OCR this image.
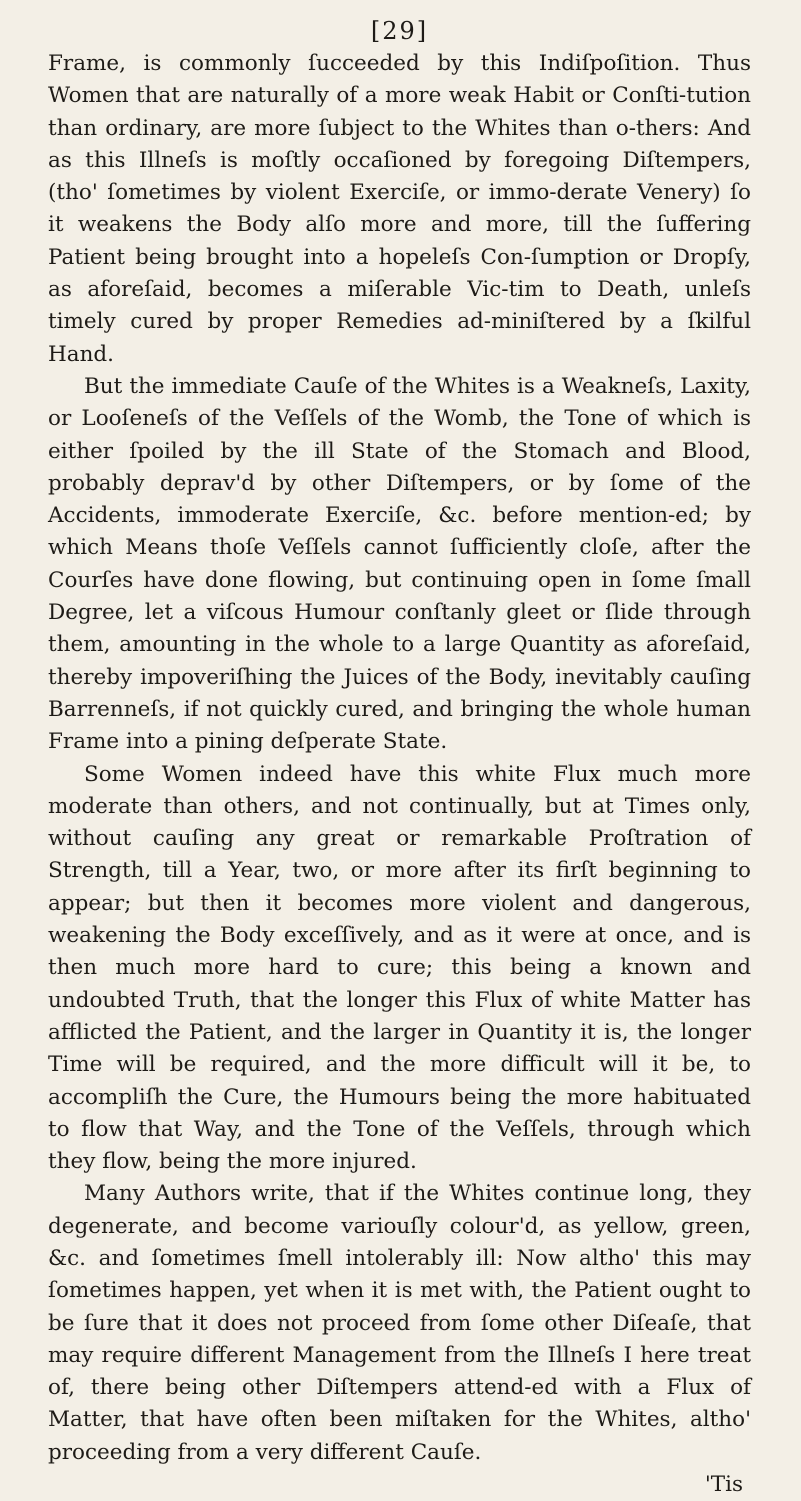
[29]

Frame, is commonly ſucceeded by this Indiſpoſition. Thus Women that are naturally of a more weak Habit or Conſti-tution than ordinary, are more ſubject to the Whites than o-thers: And as this Illneſs is moſtly occaſioned by foregoing Diſtempers, (tho' ſometimes by violent Exerciſe, or immo-derate Venery) ſo it weakens the Body alſo more and more, till the ſuffering Patient being brought into a hopeleſs Con-ſumption or Dropſy, as aforeſaid, becomes a miſerable Vic-tim to Death, unleſs timely cured by proper Remedies ad-miniſtered by a ſkilful Hand.

But the immediate Cauſe of the Whites is a Weakneſs, Laxity, or Looſeneſs of the Veſſels of the Womb, the Tone of which is either ſpoiled by the ill State of the Stomach and Blood, probably deprav'd by other Diſtempers, or by ſome of the Accidents, immoderate Exerciſe, &c. before mention-ed; by which Means thoſe Veſſels cannot ſufficiently cloſe, after the Courſes have done flowing, but continuing open in ſome ſmall Degree, let a viſcous Humour conſtanly gleet or ſlide through them, amounting in the whole to a large Quantity as aforeſaid, thereby impoveriſhing the Juices of the Body, inevitably cauſing Barrenneſs, if not quickly cured, and bringing the whole human Frame into a pining deſperate State.

Some Women indeed have this white Flux much more moderate than others, and not continually, but at Times only, without cauſing any great or remarkable Proſtration of Strength, till a Year, two, or more after its firſt beginning to appear; but then it becomes more violent and dangerous, weakening the Body exceſſively, and as it were at once, and is then much more hard to cure; this being a known and undoubted Truth, that the longer this Flux of white Matter has afflicted the Patient, and the larger in Quantity it is, the longer Time will be required, and the more difficult will it be, to accompliſh the Cure, the Humours being the more habituated to flow that Way, and the Tone of the Veſſels, through which they flow, being the more injured.

Many Authors write, that if the Whites continue long, they degenerate, and become variouſly colour'd, as yellow, green, &c. and ſometimes ſmell intolerably ill: Now altho' this may ſometimes happen, yet when it is met with, the Patient ought to be ſure that it does not proceed from ſome other Diſeaſe, that may require different Management from the Illneſs I here treat of, there being other Diſtempers attend-ed with a Flux of Matter, that have often been miſtaken for the Whites, altho' proceeding from a very different Cauſe.

'Tis
